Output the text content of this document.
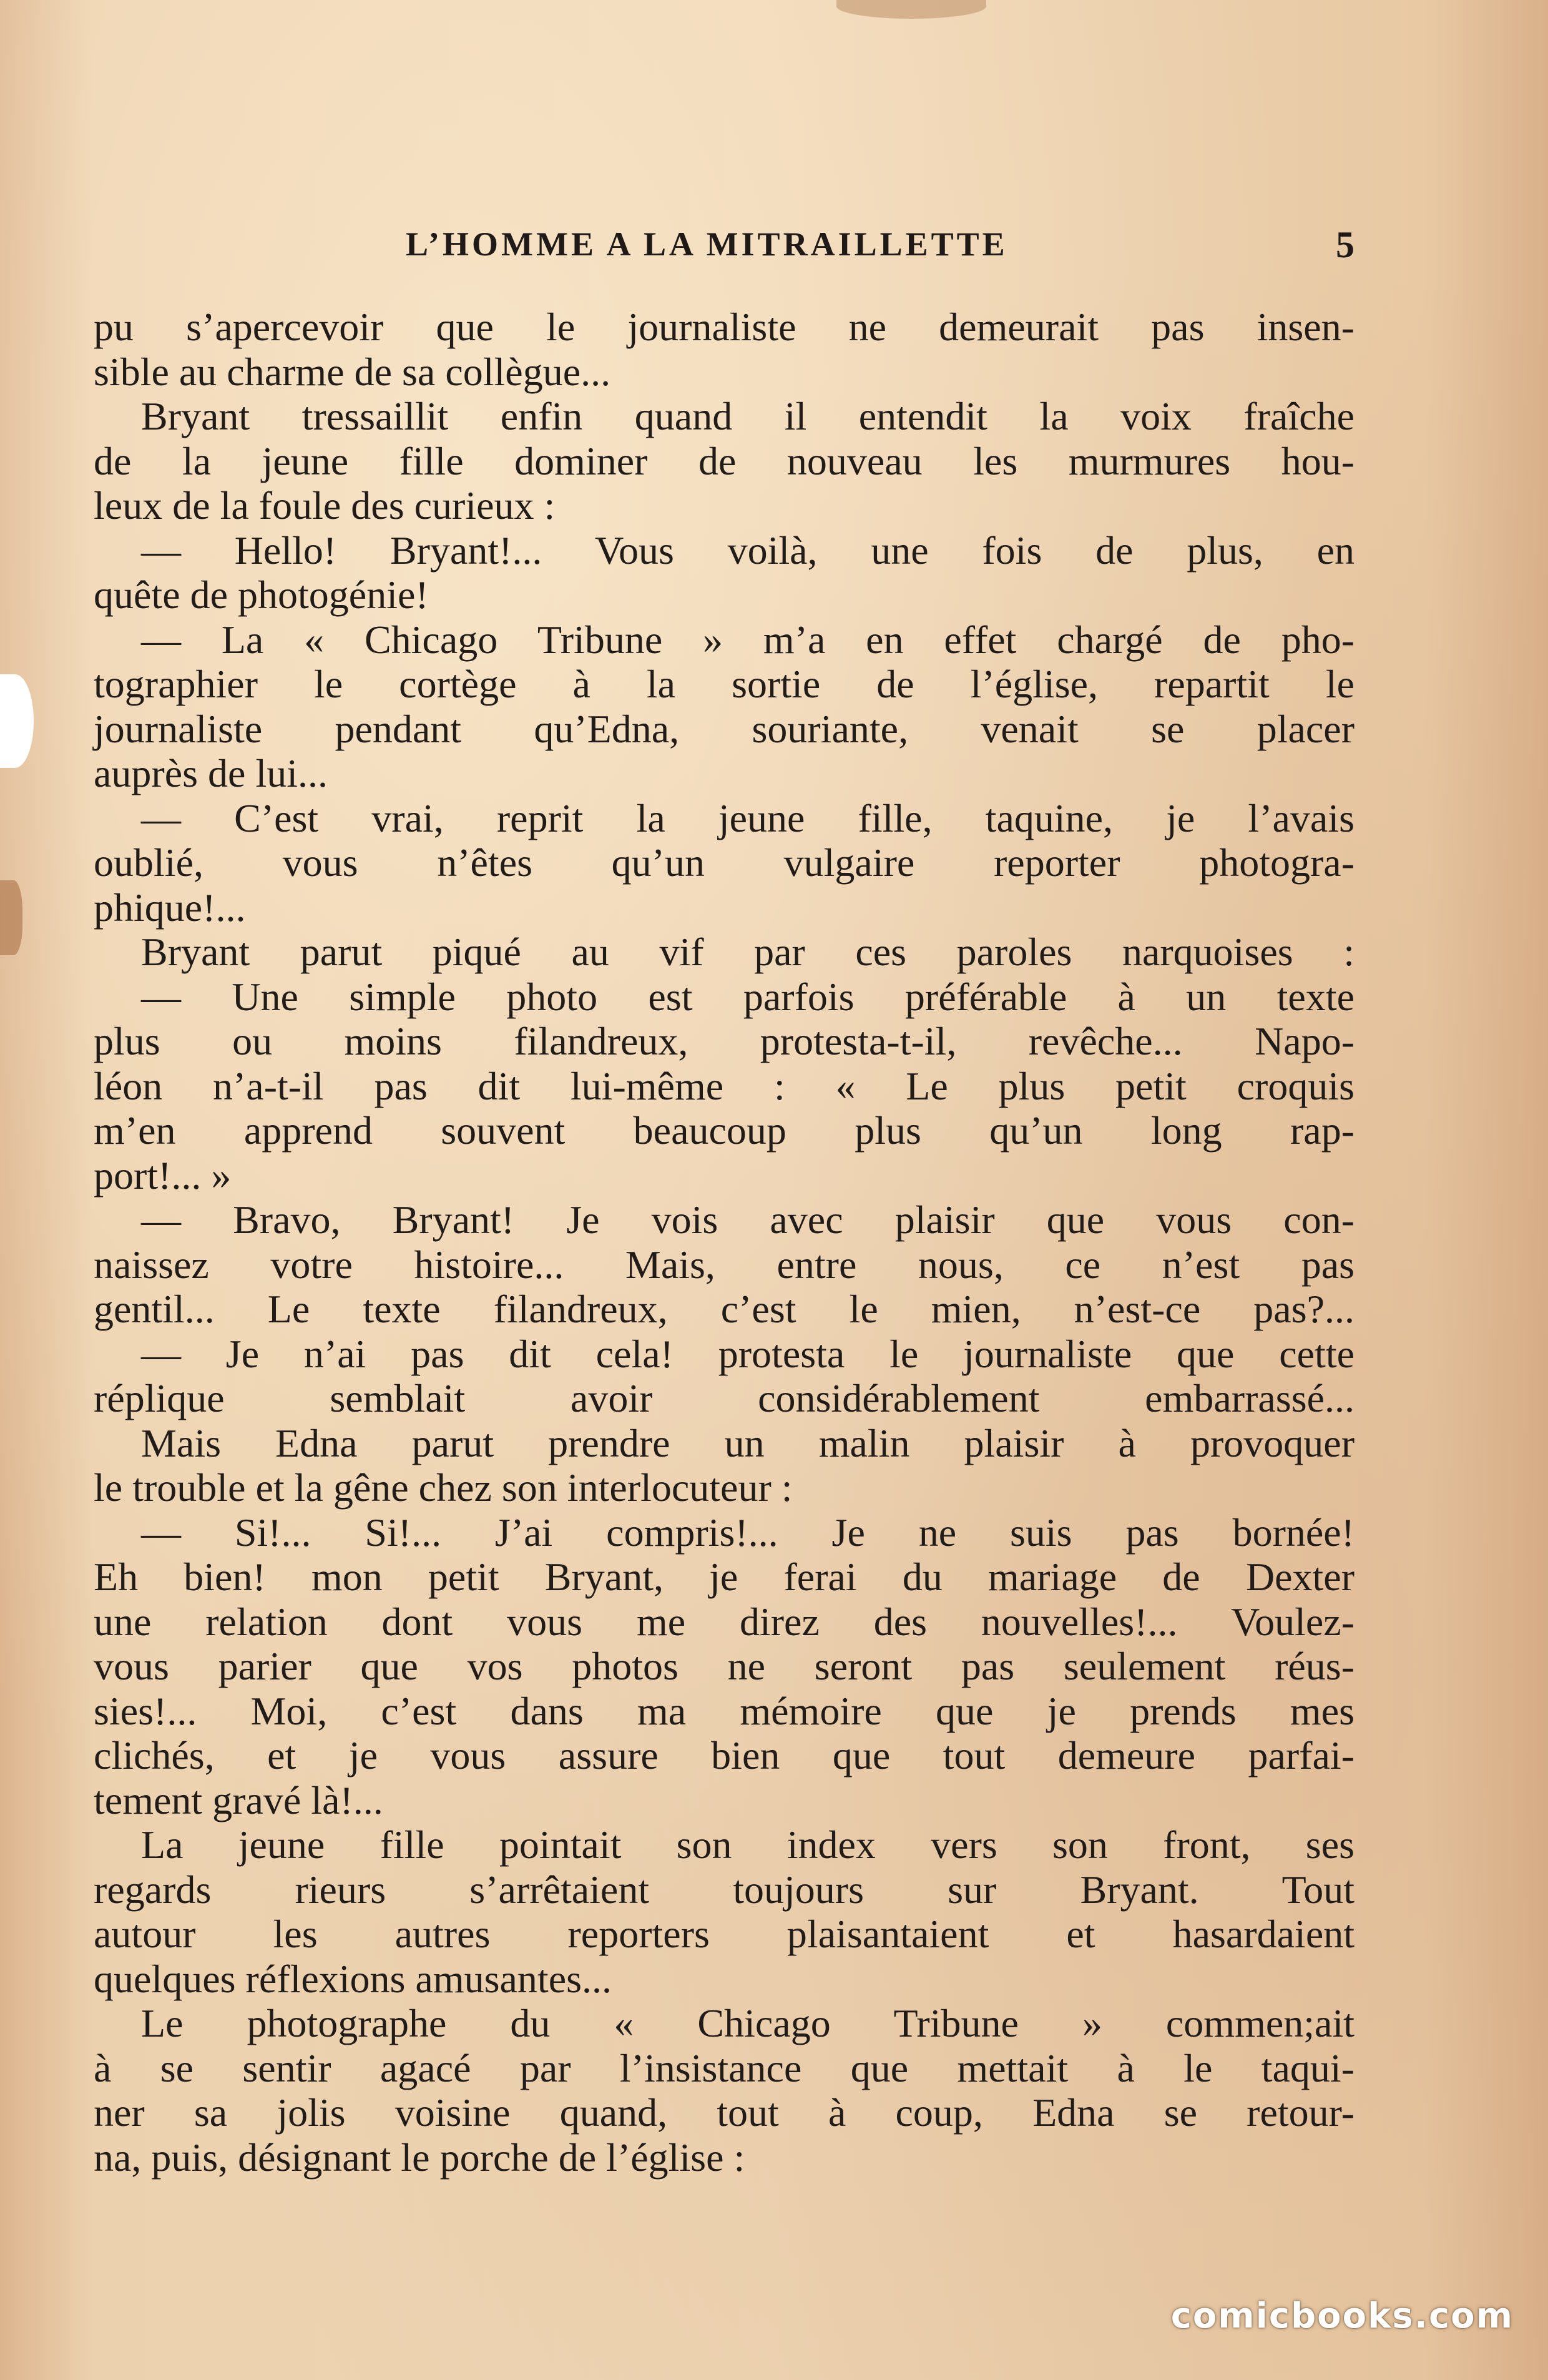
L’HOMME A LA MITRAILLETTE	5

pu s’apercevoir que le journaliste ne demeurait pas insen-

sible au charme de sa collègue...

Bryant tressaillit enfin quand il entendit la voix fraîche

de la jeune fille dominer de nouveau les murmures hou-

leux de la foule des curieux :

— Hello! Bryant!... Vous voilà, une fois de plus, en

quête de photogénie!

— La « Chicago Tribune » m’a en effet chargé de pho-

tographier le cortège à la sortie de l’église, repartit le

journaliste pendant qu’Edna, souriante, venait se placer

auprès de lui...

— C’est vrai, reprit la jeune fille, taquine, je l’avais

oublié, vous n’êtes qu’un vulgaire reporter photogra-

phique!...

Bryant parut piqué au vif par ces paroles narquoises :

— Une simple photo est parfois préférable à un texte

plus ou moins filandreux, protesta-t-il, revêche... Napo-

léon n’a-t-il pas dit lui-même : « Le plus petit croquis

m’en apprend souvent beaucoup plus qu’un long rap-

port!... »

— Bravo, Bryant! Je vois avec plaisir que vous con-

naissez votre histoire... Mais, entre nous, ce n’est pas

gentil... Le texte filandreux, c’est le mien, n’est-ce pas?...

— Je n’ai pas dit cela! protesta le journaliste que cette

réplique semblait avoir considérablement embarrassé...

Mais Edna parut prendre un malin plaisir à provoquer

le trouble et la gêne chez son interlocuteur :

— Si!... Si!... J’ai compris!... Je ne suis pas bornée!

Eh bien! mon petit Bryant, je ferai du mariage de Dexter

une relation dont vous me direz des nouvelles!... Voulez-

vous parier que vos photos ne seront pas seulement réus-

sies!... Moi, c’est dans ma mémoire que je prends mes

clichés, et je vous assure bien que tout demeure parfai-

tement gravé là!...

La jeune fille pointait son index vers son front, ses

regards rieurs s’arrêtaient toujours sur Bryant. Tout

autour les autres reporters plaisantaient et hasardaient

quelques réflexions amusantes...

Le photographe du « Chicago Tribune » commen;ait

à se sentir agacé par l’insistance que mettait à le taqui-

ner sa jolis voisine quand, tout à coup, Edna se retour-

na, puis, désignant le porche de l’église :

comicbooks.com
